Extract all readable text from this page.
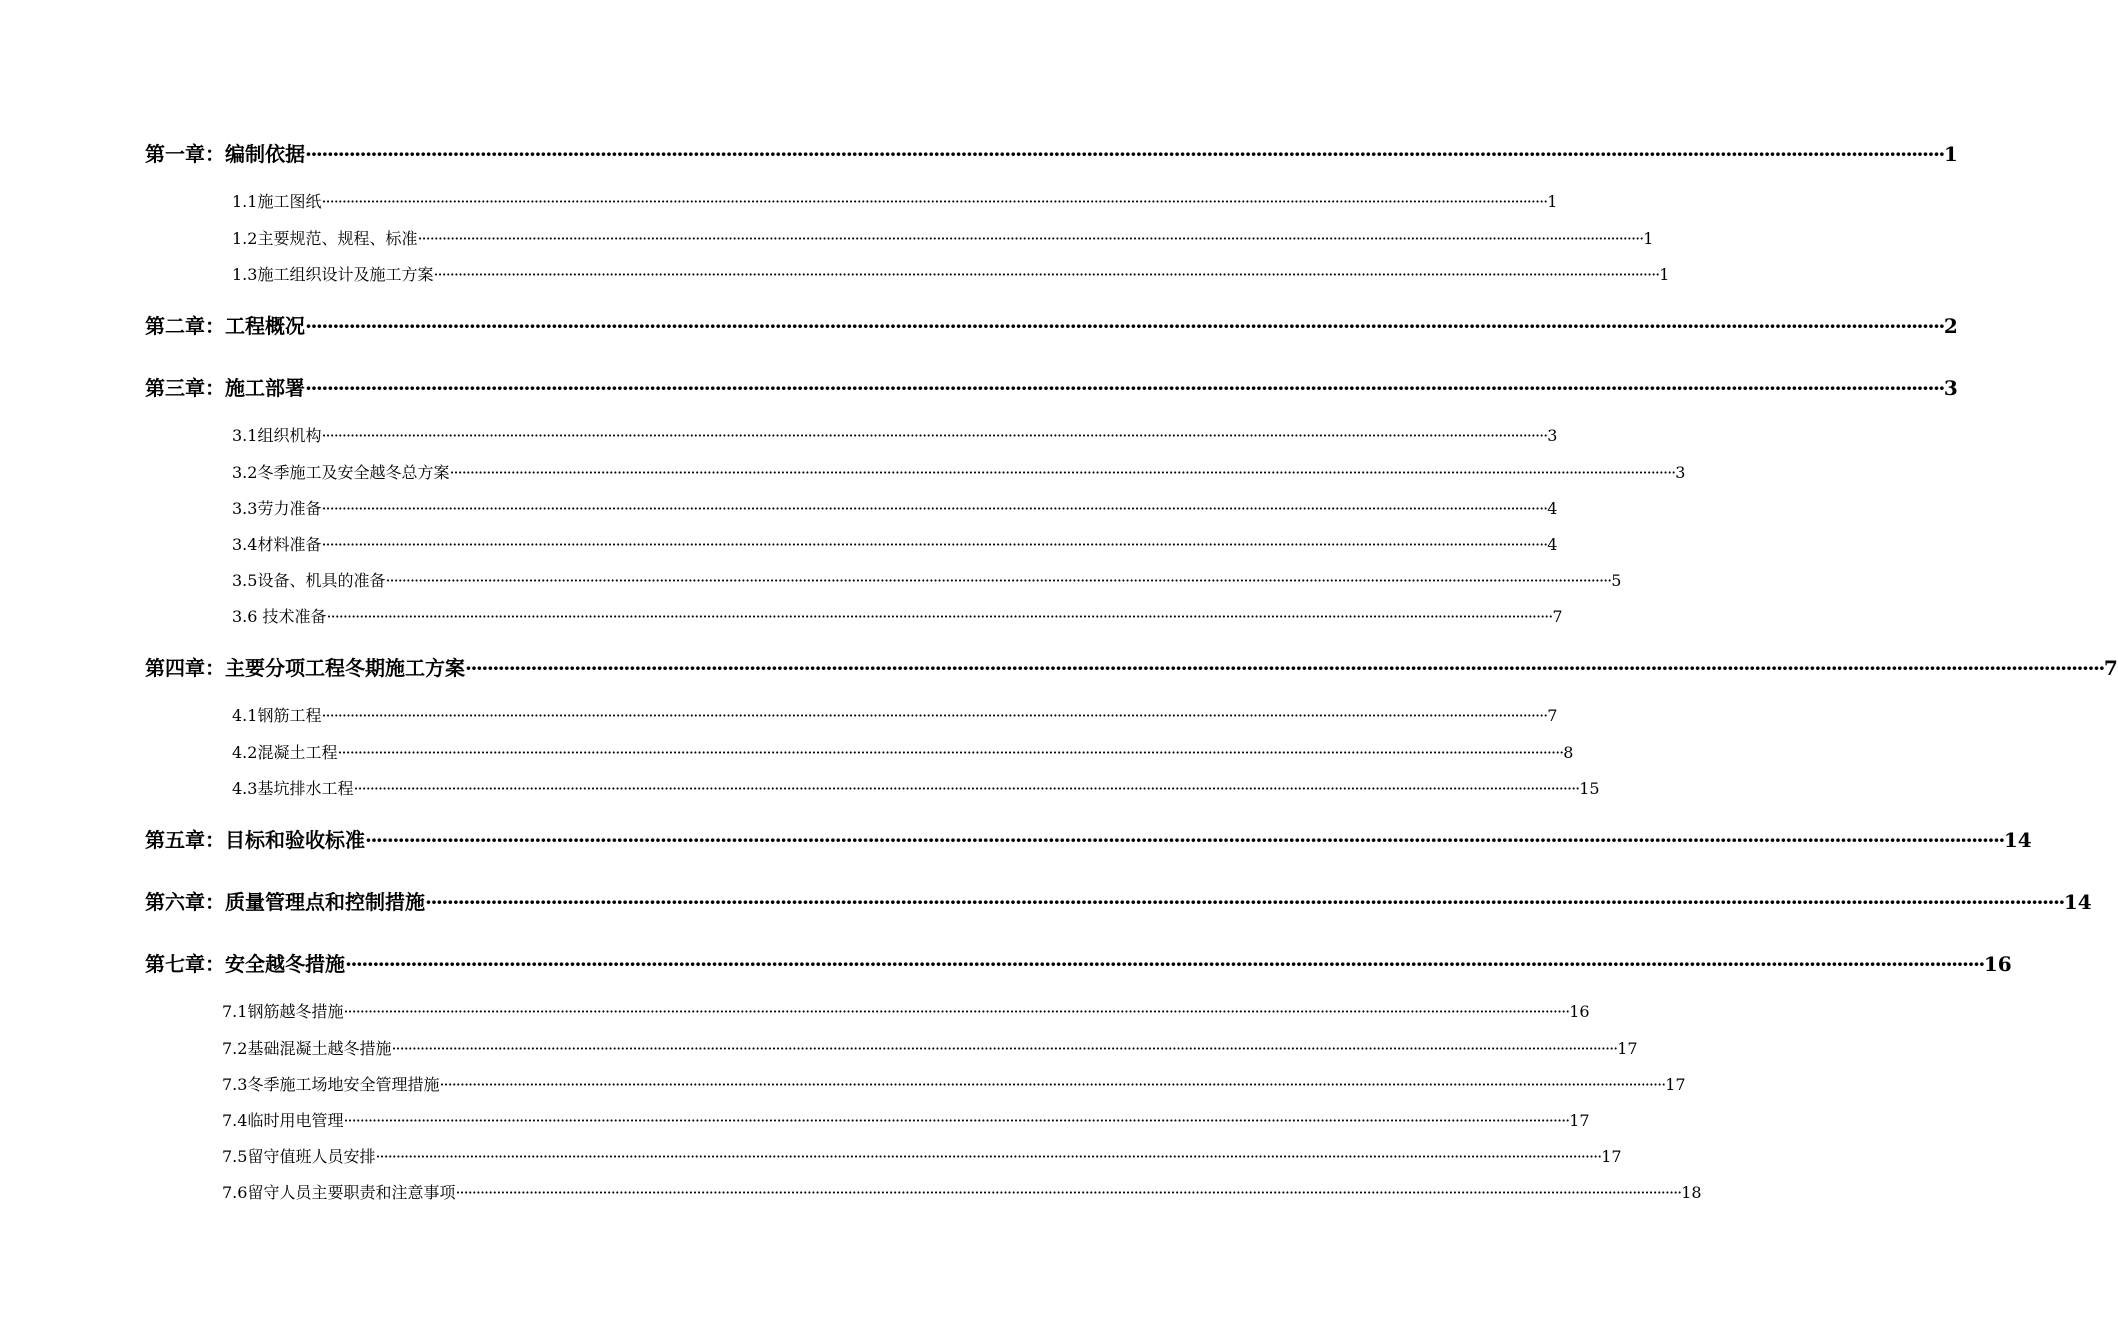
第一章：编制依据 ············································································································································································································································································································ 1
1.1施工图纸 ············································································································································································································································································································ 1
1.2主要规范、规程、标准 ············································································································································································································································································································ 1
1.3施工组织设计及施工方案 ············································································································································································································································································································ 1
第二章：工程概况 ············································································································································································································································································································ 2
第三章：施工部署 ············································································································································································································································································································ 3
3.1组织机构 ············································································································································································································································································································ 3
3.2冬季施工及安全越冬总方案 ············································································································································································································································································································ 3
3.3劳力准备 ············································································································································································································································································································ 4
3.4材料准备 ············································································································································································································································································································ 4
3.5设备、机具的准备 ············································································································································································································································································································ 5
3.6 技术准备 ············································································································································································································································································································ 7
第四章：主要分项工程冬期施工方案 ············································································································································································································································································································ 7
4.1钢筋工程 ············································································································································································································································································································ 7
4.2混凝土工程 ············································································································································································································································································································ 8
4.3基坑排水工程 ············································································································································································································································································································ 15
第五章：目标和验收标准 ············································································································································································································································································································ 14
第六章：质量管理点和控制措施 ············································································································································································································································································································ 14
第七章：安全越冬措施 ············································································································································································································································································································ 16
7.1钢筋越冬措施 ············································································································································································································································································································ 16
7.2基础混凝土越冬措施 ············································································································································································································································································································ 17
7.3冬季施工场地安全管理措施 ············································································································································································································································································································ 17
7.4临时用电管理 ············································································································································································································································································································ 17
7.5留守值班人员安排 ············································································································································································································································································································ 17
7.6留守人员主要职责和注意事项 ············································································································································································································································································································ 18
